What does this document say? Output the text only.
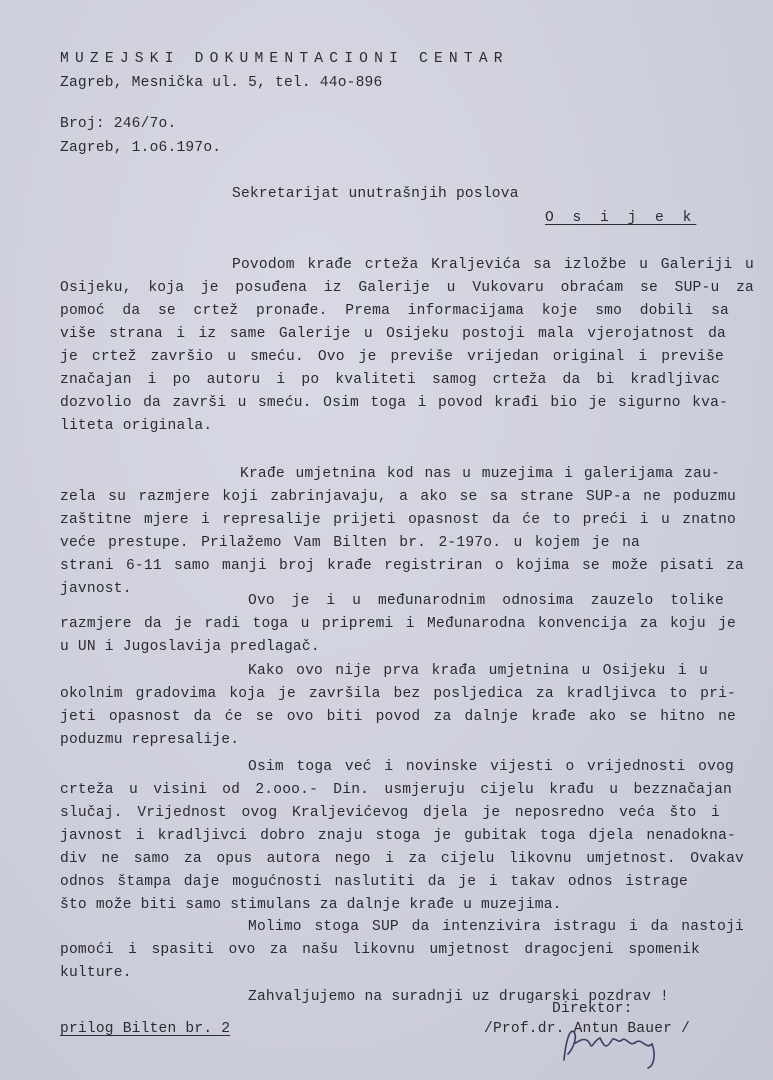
MUZEJSKI DOKUMENTACIONI CENTAR
Zagreb, Mesnička ul. 5, tel. 44o-896
Broj: 246/7o.
Zagreb, 1.o6.197o.
Sekretarijat unutrašnjih poslova
O s i j e k
Povodom krađe crteža Kraljevića sa izložbe u Galeriji u
Osijeku, koja je posuđena iz Galerije u Vukovaru obraćam se SUP-u za
pomoć da se crtež pronađe. Prema informacijama koje smo dobili sa
više strana i iz same Galerije u Osijeku postoji mala vjerojatnost da
je crtež završio u smeću. Ovo je previše vrijedan original i previše
značajan i po autoru i po kvaliteti samog crteža da bi kradljivac
dozvolio da završi u smeću. Osim toga i povod krađi bio je sigurno kva-
liteta originala.
Krađe umjetnina kod nas u muzejima i galerijama zau-
zela su razmjere koji zabrinjavaju, a ako se sa strane SUP-a ne poduzmu
zaštitne mjere i represalije prijeti opasnost da će to preći i u znatno
veće prestupe. Prilažemo Vam Bilten br. 2-197o. u kojem je na
strani 6-11 samo manji broj krađe registriran o kojima se može pisati za
javnost.
Ovo je i u međunarodnim odnosima zauzelo tolike
razmjere da je radi toga u pripremi i Međunarodna konvencija za koju je
u UN i Jugoslavija predlagač.
Kako ovo nije prva krađa umjetnina u Osijeku i u
okolnim gradovima koja je završila bez posljedica za kradljivca to pri-
jeti opasnost da će se ovo biti povod za dalnje krađe ako se hitno ne
poduzmu represalije.
Osim toga već i novinske vijesti o vrijednosti ovog
crteža u visini od 2.ooo.- Din. usmjeruju cijelu krađu u bezznačajan
slučaj. Vrijednost ovog Kraljevićevog djela je neposredno veća što i
javnost i kradljivci dobro znaju stoga je gubitak toga djela nenadokna-
div ne samo za opus autora nego i za cijelu likovnu umjetnost. Ovakav
odnos štampa daje mogućnosti naslutiti da je i takav odnos istrage
što može biti samo stimulans za dalnje krađe u muzejima.
Molimo stoga SUP da intenzivira istragu i da nastoji
pomoći i spasiti ovo za našu likovnu umjetnost dragocjeni spomenik
kulture.
Zahvaljujemo na suradnji uz drugarski pozdrav !
Direktor:
prilog Bilten br. 2	/Prof.dr. Antun Bauer /
